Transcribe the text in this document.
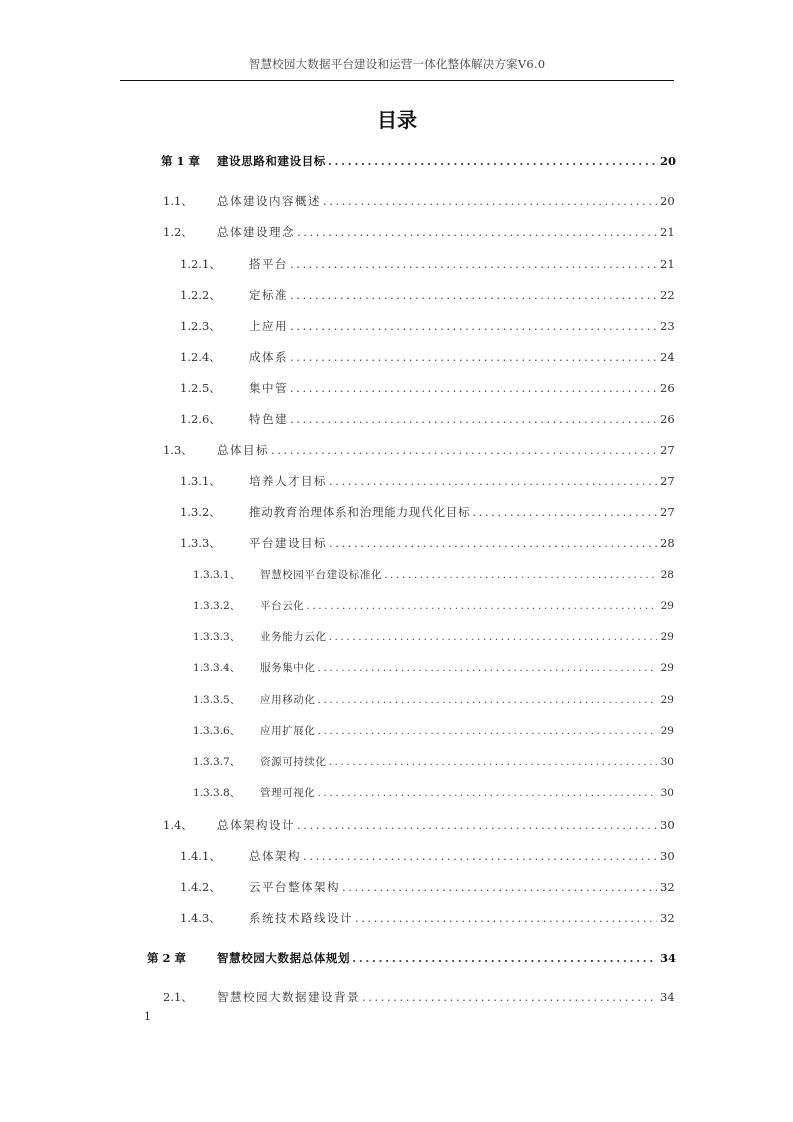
智慧校园大数据平台建设和运营一体化整体解决方案V6.0
目录
第 1 章 建设思路和建设目标 .....	20
1.1、 总体建设内容概述 .....	20
1.2、 总体建设理念 .....	21
1.2.1、 搭平台 .....	21
1.2.2、 定标准 .....	22
1.2.3、 上应用 .....	23
1.2.4、 成体系 .....	24
1.2.5、 集中管 .....	26
1.2.6、 特色建 .....	26
1.3、 总体目标 .....	27
1.3.1、 培养人才目标 .....	27
1.3.2、 推动教育治理体系和治理能力现代化目标 .....	27
1.3.3、 平台建设目标 .....	28
1.3.3.1、 智慧校园平台建设标准化 .....	28
1.3.3.2、 平台云化 .....	29
1.3.3.3、 业务能力云化 .....	29
1.3.3.4、 服务集中化 .....	29
1.3.3.5、 应用移动化 .....	29
1.3.3.6、 应用扩展化 .....	29
1.3.3.7、 资源可持续化 .....	30
1.3.3.8、 管理可视化 .....	30
1.4、 总体架构设计 .....	30
1.4.1、 总体架构 .....	30
1.4.2、 云平台整体架构 .....	32
1.4.3、 系统技术路线设计 .....	32
第 2 章	智慧校园大数据总体规划 .....	34
2.1、 智慧校园大数据建设背景 .....	34
1
